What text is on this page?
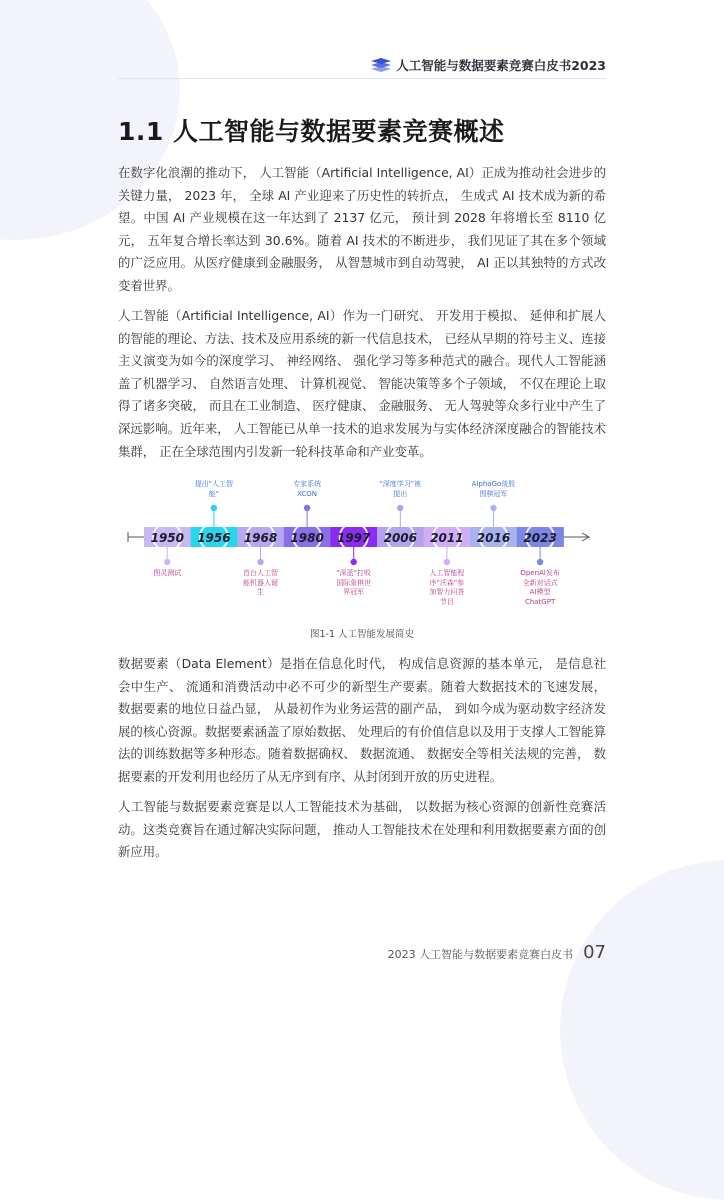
人工智能与数据要素竞赛白皮书2023
1.1 人工智能与数据要素竞赛概述

在数字化浪潮的推动下， 人工智能（Artificial Intelligence, AI）正成为推动社会进步的关键力量， 2023 年， 全球 AI 产业迎来了历史性的转折点， 生成式 AI 技术成为新的希望。中国 AI 产业规模在这一年达到了 2137 亿元， 预计到 2028 年将增长至 8110 亿元， 五年复合增长率达到 30.6%。随着 AI 技术的不断进步， 我们见证了其在多个领域的广泛应用。从医疗健康到金融服务， 从智慧城市到自动驾驶， AI 正以其独特的方式改变着世界。

人工智能（Artificial Intelligence, AI）作为一门研究、 开发用于模拟、 延伸和扩展人的智能的理论、方法、技术及应用系统的新一代信息技术， 已经从早期的符号主义、连接主义演变为如今的深度学习、 神经网络、 强化学习等多种范式的融合。现代人工智能涵盖了机器学习、 自然语言处理、 计算机视觉、 智能决策等多个子领域， 不仅在理论上取得了诸多突破， 而且在工业制造、 医疗健康、 金融服务、 无人驾驶等众多行业中产生了深远影响。近年来， 人工智能已从单一技术的追求发展为与实体经济深度融合的智能技术集群， 正在全球范围内引发新一轮科技革命和产业变革。

1950	1956	1968	1980	1997	2006	2011	2016	2023
提出"人工智能"
专家系统XCON
"深度学习"被提出
AlphaGo战胜围棋冠军
图灵测试	首台人工智能机器人诞生
"深蓝"打败国际象棋世界冠军
人工智能程序"沃森"参加智力问答节目
OpenAI发布全新对话式AI模型ChatGPT
图1-1 人工智能发展简史

数据要素（Data Element）是指在信息化时代， 构成信息资源的基本单元， 是信息社会中生产、 流通和消费活动中必不可少的新型生产要素。随着大数据技术的飞速发展， 数据要素的地位日益凸显， 从最初作为业务运营的副产品， 到如今成为驱动数字经济发展的核心资源。数据要素涵盖了原始数据、 处理后的有价值信息以及用于支撑人工智能算法的训练数据等多种形态。随着数据确权、 数据流通、 数据安全等相关法规的完善， 数据要素的开发利用也经历了从无序到有序、从封闭到开放的历史进程。

人工智能与数据要素竞赛是以人工智能技术为基础， 以数据为核心资源的创新性竞赛活动。这类竞赛旨在通过解决实际问题， 推动人工智能技术在处理和利用数据要素方面的创新应用。

2023 人工智能与数据要素竞赛白皮书 07
